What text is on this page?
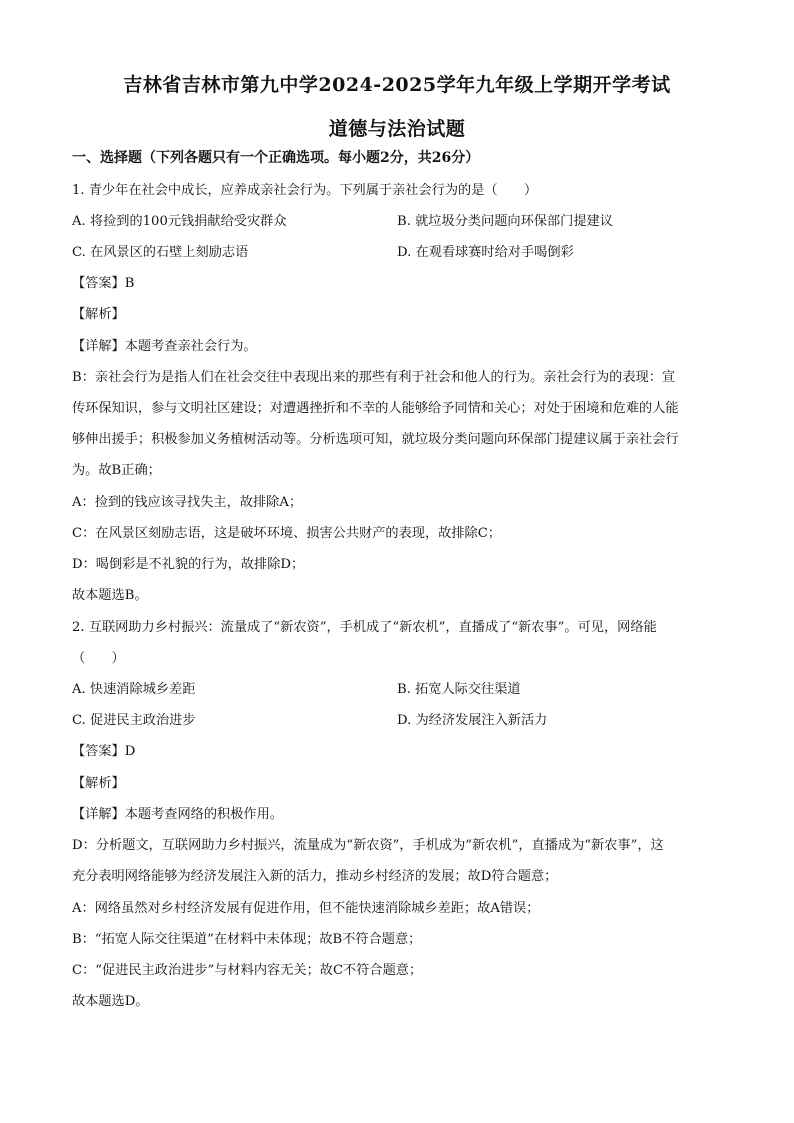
吉林省吉林市第九中学2024-2025学年九年级上学期开学考试
道德与法治试题
一、选择题（下列各题只有一个正确选项。每小题2分，共26分）
1. 青少年在社会中成长，应养成亲社会行为。下列属于亲社会行为的是（　　）
A. 将捡到的100元钱捐献给受灾群众	B. 就垃圾分类问题向环保部门提建议
C. 在风景区的石壁上刻励志语	D. 在观看球赛时给对手喝倒彩
【答案】B
【解析】
【详解】本题考查亲社会行为。
B：亲社会行为是指人们在社会交往中表现出来的那些有利于社会和他人的行为。亲社会行为的表现：宣
传环保知识，参与文明社区建设；对遭遇挫折和不幸的人能够给予同情和关心；对处于困境和危难的人能
够伸出援手；积极参加义务植树活动等。分析选项可知，就垃圾分类问题向环保部门提建议属于亲社会行
为。故B正确；
A：捡到的钱应该寻找失主，故排除A；
C：在风景区刻励志语，这是破坏环境、损害公共财产的表现，故排除C；
D：喝倒彩是不礼貌的行为，故排除D；
故本题选B。
2. 互联网助力乡村振兴：流量成了“新农资”，手机成了“新农机”，直播成了“新农事”。可见，网络能
（　　）
A. 快速消除城乡差距	B. 拓宽人际交往渠道
C. 促进民主政治进步	D. 为经济发展注入新活力
【答案】D
【解析】
【详解】本题考查网络的积极作用。
D：分析题文，互联网助力乡村振兴，流量成为“新农资”，手机成为“新农机”，直播成为“新农事”，这
充分表明网络能够为经济发展注入新的活力，推动乡村经济的发展；故D符合题意；
A：网络虽然对乡村经济发展有促进作用，但不能快速消除城乡差距；故A错误；
B：“拓宽人际交往渠道”在材料中未体现；故B不符合题意；
C：“促进民主政治进步”与材料内容无关；故C不符合题意；
故本题选D。
